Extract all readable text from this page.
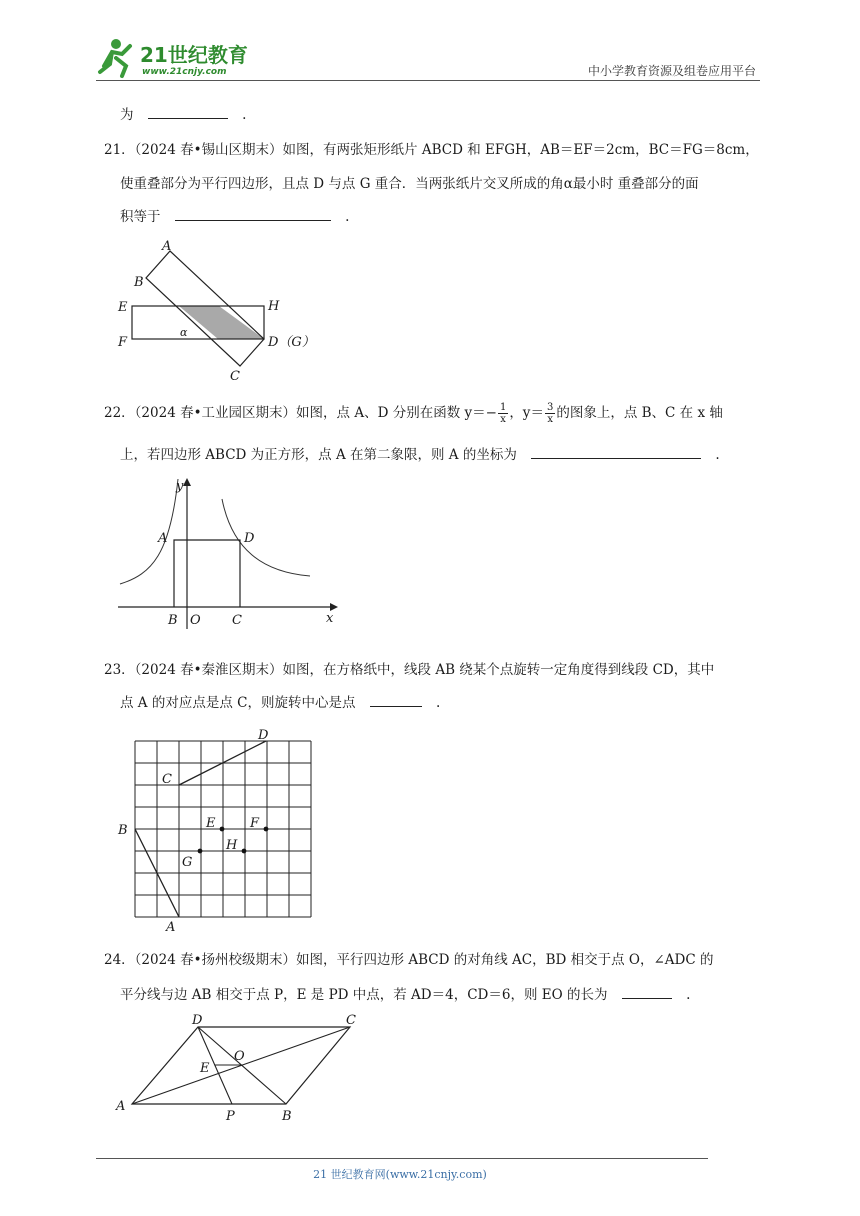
21世纪教育
www.21cnjy.com	中小学教育资源及组卷应用平台
为	.
21．（2024 春•锡山区期末）如图，有两张矩形纸片 ABCD 和 EFGH，AB＝EF＝2cm，BC＝FG＝8cm，
使重叠部分为平行四边形，且点 D 与点 G 重合．当两张纸片交叉所成的角α最小时 重叠部分的面
积等于	.
A
B
E
F
H
D（G）
C
α
22．（2024 春•工业园区期末）如图，点 A、D 分别在函数 $y=- \frac{1}{x}$ ，$y= \frac{3}{x}$ 的图象上，点 B、C 在 x 轴
上，若四边形 ABCD 为正方形，点 A 在第二象限，则 A 的坐标为	.
y
x
A	D
B O C
23．（2024 春•秦淮区期末）如图，在方格纸中，线段 AB 绕某个点旋转一定角度得到线段 CD，其中
点 A 的对应点是点 C，则旋转中心是点	.
D
C
B	E	F
H
G
A
24．（2024 春•扬州校级期末）如图，平行四边形 ABCD 的对角线 AC，BD 相交于点 O，∠ADC 的
平分线与边 AB 相交于点 P，E 是 PD 中点，若 AD＝4，CD＝6，则 EO 的长为	.
D	C
O
E
A
P	B
21 世纪教育网(www.21cnjy.com)
